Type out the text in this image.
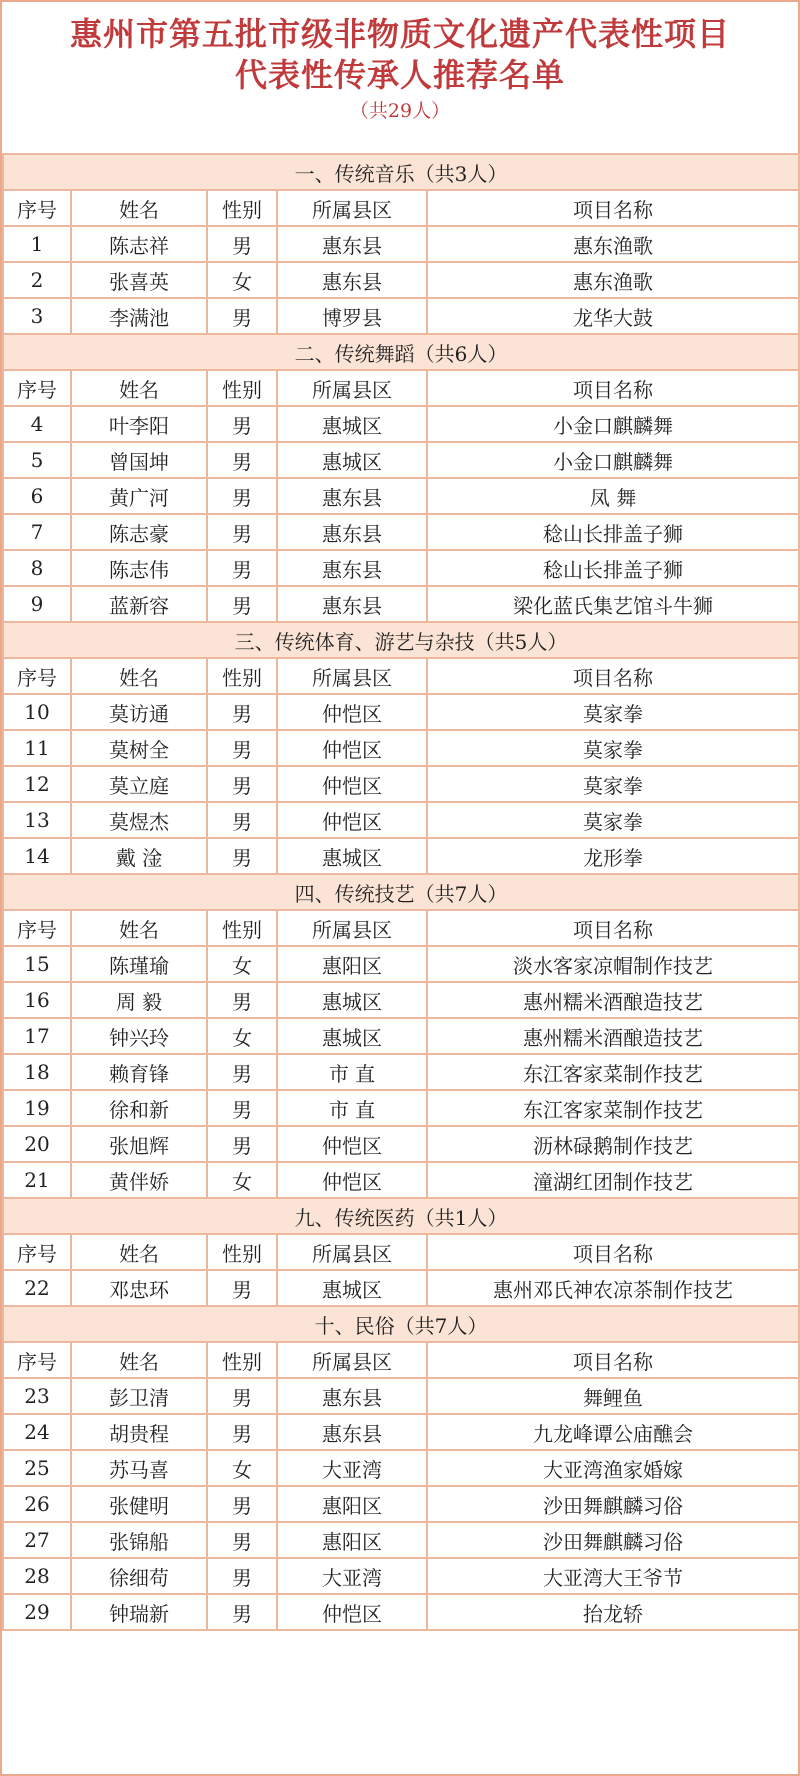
惠州市第五批市级非物质文化遗产代表性项目
代表性传承人推荐名单
（共29人）
一、传统音乐（共3人）				
序号	姓名	性别	所属县区	项目名称
1	陈志祥	男	惠东县	惠东渔歌
2	张喜英	女	惠东县	惠东渔歌
3	李满池	男	博罗县	龙华大鼓
二、传统舞蹈（共6人）				
序号	姓名	性别	所属县区	项目名称
4	叶李阳	男	惠城区	小金口麒麟舞
5	曾国坤	男	惠城区	小金口麒麟舞
6	黄广河	男	惠东县	凤 舞
7	陈志豪	男	惠东县	稔山长排盖子狮
8	陈志伟	男	惠东县	稔山长排盖子狮
9	蓝新容	男	惠东县	梁化蓝氏集艺馆斗牛狮
三、传统体育、游艺与杂技（共5人）				
序号	姓名	性别	所属县区	项目名称
10	莫访通	男	仲恺区	莫家拳
11	莫树全	男	仲恺区	莫家拳
12	莫立庭	男	仲恺区	莫家拳
13	莫煜杰	男	仲恺区	莫家拳
14	戴 淦	男	惠城区	龙形拳
四、传统技艺（共7人）				
序号	姓名	性别	所属县区	项目名称
15	陈瑾瑜	女	惠阳区	淡水客家凉帽制作技艺
16	周 毅	男	惠城区	惠州糯米酒酿造技艺
17	钟兴玲	女	惠城区	惠州糯米酒酿造技艺
18	赖育锋	男	市 直	东江客家菜制作技艺
19	徐和新	男	市 直	东江客家菜制作技艺
20	张旭辉	男	仲恺区	沥林碌鹅制作技艺
21	黄伴娇	女	仲恺区	潼湖红团制作技艺
九、传统医药（共1人）				
序号	姓名	性别	所属县区	项目名称
22	邓忠环	男	惠城区	惠州邓氏神农凉茶制作技艺
十、民俗（共7人）				
序号	姓名	性别	所属县区	项目名称
23	彭卫清	男	惠东县	舞鲤鱼
24	胡贵程	男	惠东县	九龙峰谭公庙醮会
25	苏马喜	女	大亚湾	大亚湾渔家婚嫁
26	张健明	男	惠阳区	沙田舞麒麟习俗
27	张锦船	男	惠阳区	沙田舞麒麟习俗
28	徐细苟	男	大亚湾	大亚湾大王爷节
29	钟瑞新	男	仲恺区	抬龙轿
